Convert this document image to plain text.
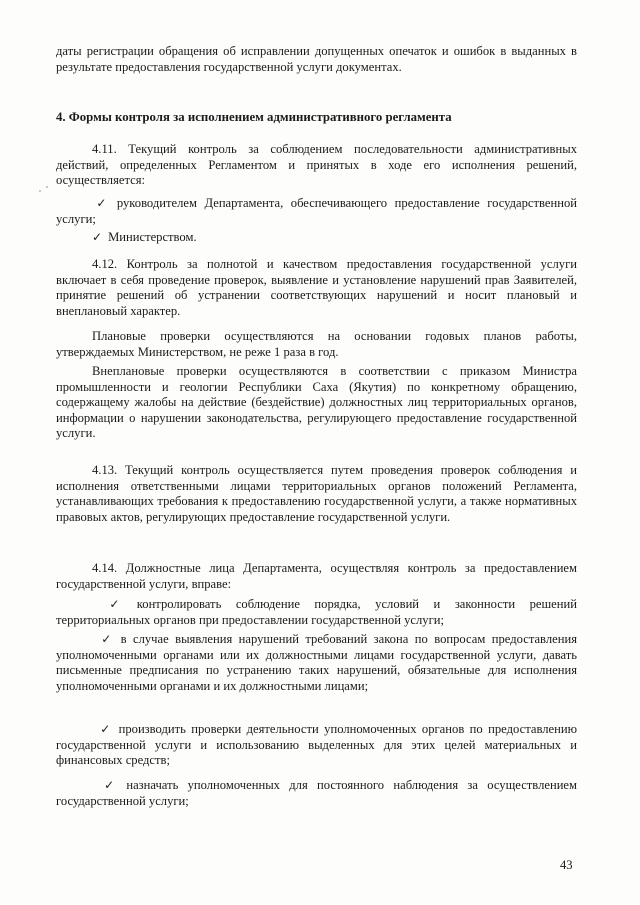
даты регистрации обращения об исправлении допущенных опечаток и ошибок в выданных в результате предоставления государственной услуги документах.
4. Формы контроля за исполнением административного регламента
4.11. Текущий контроль за соблюдением последовательности административных действий, определенных Регламентом и принятых в ходе его исполнения решений, осуществляется:
✓ руководителем Департамента, обеспечивающего предоставление государственной услуги;
✓ Министерством.
4.12. Контроль за полнотой и качеством предоставления государственной услуги включает в себя проведение проверок, выявление и установление нарушений прав Заявителей, принятие решений об устранении соответствующих нарушений и носит плановый и внеплановый характер.
Плановые проверки осуществляются на основании годовых планов работы, утверждаемых Министерством, не реже 1 раза в год.
Внеплановые проверки осуществляются в соответствии с приказом Министра промышленности и геологии Республики Саха (Якутия) по конкретному обращению, содержащему жалобы на действие (бездействие) должностных лиц территориальных органов, информации о нарушении законодательства, регулирующего предоставление государственной услуги.
4.13. Текущий контроль осуществляется путем проведения проверок соблюдения и исполнения ответственными лицами территориальных органов положений Регламента, устанавливающих требования к предоставлению государственной услуги, а также нормативных правовых актов, регулирующих предоставление государственной услуги.
4.14. Должностные лица Департамента, осуществляя контроль за предоставлением государственной услуги, вправе:
✓ контролировать соблюдение порядка, условий и законности решений территориальных органов при предоставлении государственной услуги;
✓ в случае выявления нарушений требований закона по вопросам предоставления уполномоченными органами или их должностными лицами государственной услуги, давать письменные предписания по устранению таких нарушений, обязательные для исполнения уполномоченными органами и их должностными лицами;
✓ производить проверки деятельности уполномоченных органов по предоставлению государственной услуги и использованию выделенных для этих целей материальных и финансовых средств;
✓ назначать уполномоченных для постоянного наблюдения за осуществлением государственной услуги;
43
